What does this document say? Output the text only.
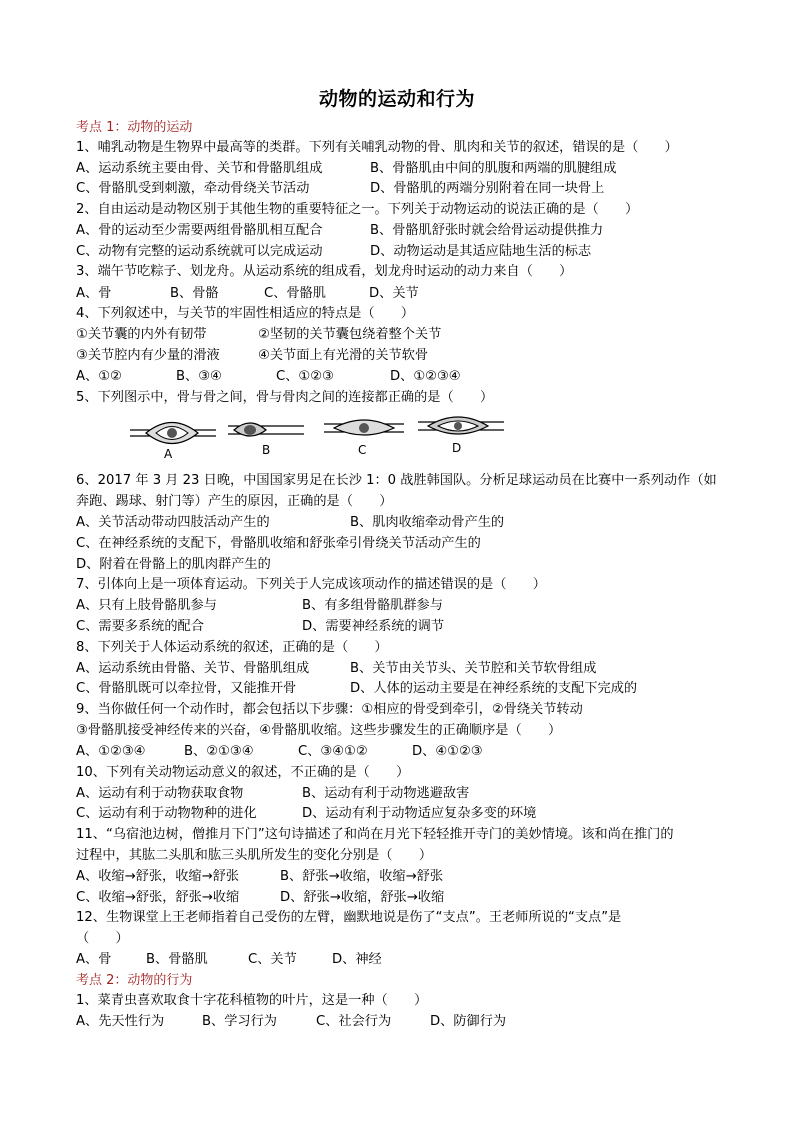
动物的运动和行为
考点 1：动物的运动
1、哺乳动物是生物界中最高等的类群。下列有关哺乳动物的骨、肌肉和关节的叙述，错误的是（　　）
A、运动系统主要由骨、关节和骨骼肌组成	B、骨骼肌由中间的肌腹和两端的肌腱组成
C、骨骼肌受到刺激，牵动骨绕关节活动	D、骨骼肌的两端分别附着在同一块骨上
2、自由运动是动物区别于其他生物的重要特征之一。下列关于动物运动的说法正确的是（　　）
A、骨的运动至少需要两组骨骼肌相互配合	B、骨骼肌舒张时就会给骨运动提供推力
C、动物有完整的运动系统就可以完成运动	D、动物运动是其适应陆地生活的标志
3、端午节吃粽子、划龙舟。从运动系统的组成看，划龙舟时运动的动力来自（　　）
A、骨	B、骨骼	C、骨骼肌	D、关节
4、下列叙述中，与关节的牢固性相适应的特点是（　　）
①关节囊的内外有韧带	②坚韧的关节囊包绕着整个关节
③关节腔内有少量的滑液	④关节面上有光滑的关节软骨
A、①②	B、③④	C、①②③	D、①②③④
5、下列图示中，骨与骨之间，骨与骨肉之间的连接都正确的是（　　）
A	B	C	D
6、2017 年 3 月 23 日晚，中国国家男足在长沙 1：0 战胜韩国队。分析足球运动员在比赛中一系列动作（如
奔跑、踢球、射门等）产生的原因，正确的是（　　）
A、关节活动带动四肢活动产生的	B、肌肉收缩牵动骨产生的
C、在神经系统的支配下，骨骼肌收缩和舒张牵引骨绕关节活动产生的
D、附着在骨骼上的肌肉群产生的
7、引体向上是一项体育运动。下列关于人完成该项动作的描述错误的是（　　）
A、只有上肢骨骼肌参与	B、有多组骨骼肌群参与
C、需要多系统的配合	D、需要神经系统的调节
8、下列关于人体运动系统的叙述，正确的是（　　）
A、运动系统由骨骼、关节、骨骼肌组成	B、关节由关节头、关节腔和关节软骨组成
C、骨骼肌既可以牵拉骨，又能推开骨	D、人体的运动主要是在神经系统的支配下完成的
9、当你做任何一个动作时，都会包括以下步骤：①相应的骨受到牵引，②骨绕关节转动
③骨骼肌接受神经传来的兴奋，④骨骼肌收缩。这些步骤发生的正确顺序是（　　）
A、①②③④	B、②①③④	C、③④①②	D、④①②③
10、下列有关动物运动意义的叙述，不正确的是（　　）
A、运动有利于动物获取食物	B、运动有利于动物逃避敌害
C、运动有利于动物物种的进化	D、运动有利于动物适应复杂多变的环境
11、“乌宿池边树，僧推月下门”这句诗描述了和尚在月光下轻轻推开寺门的美妙情境。该和尚在推门的
过程中，其肱二头肌和肱三头肌所发生的变化分别是（　　）
A、收缩→舒张，收缩→舒张	B、舒张→收缩，收缩→舒张
C、收缩→舒张，舒张→收缩	D、舒张→收缩，舒张→收缩
12、生物课堂上王老师指着自己受伤的左臂，幽默地说是伤了“支点”。王老师所说的“支点”是
（　　）
A、骨	B、骨骼肌	C、关节	D、神经
考点 2：动物的行为
1、菜青虫喜欢取食十字花科植物的叶片，这是一种（　　）
A、先天性行为	B、学习行为	C、社会行为	D、防御行为
